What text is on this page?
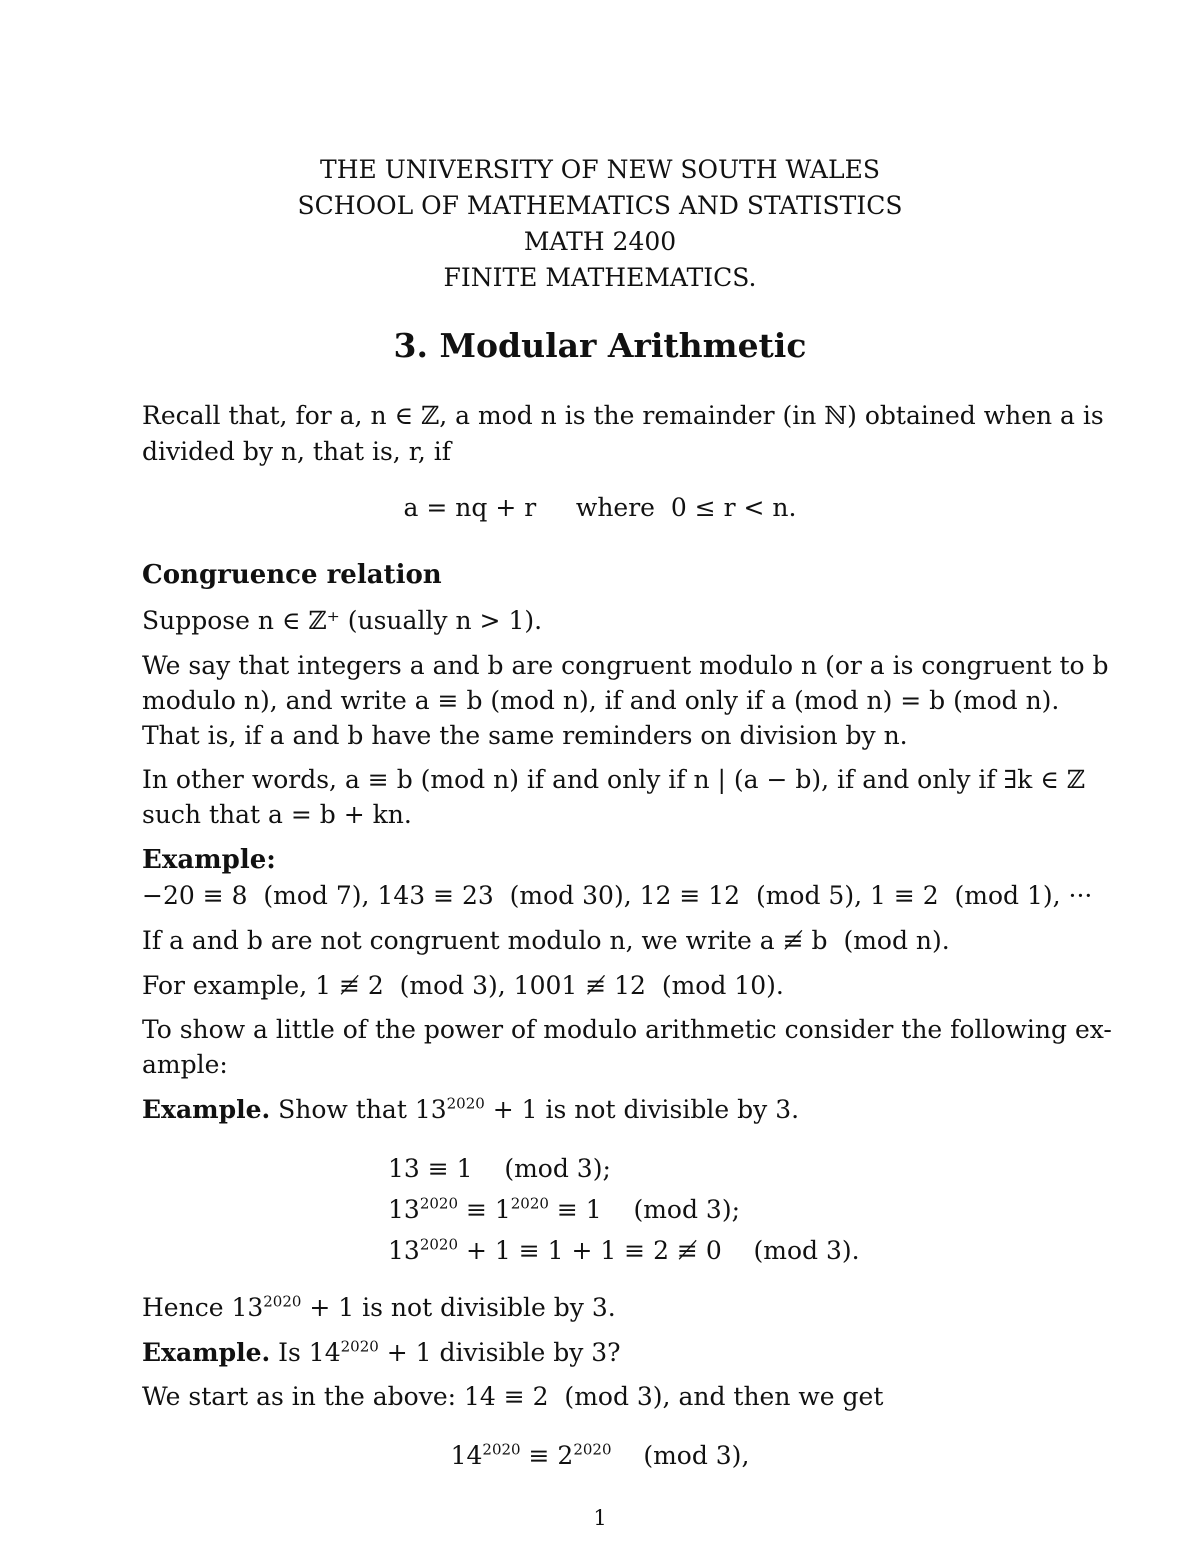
THE UNIVERSITY OF NEW SOUTH WALES
SCHOOL OF MATHEMATICS AND STATISTICS
MATH 2400
FINITE MATHEMATICS.
3. Modular Arithmetic
Recall that, for a, n ∈ ℤ, a mod n is the remainder (in ℕ) obtained when a is
divided by n, that is, r, if
a = nq + r     where  0 ≤ r < n.
Congruence relation
Suppose n ∈ ℤ⁺ (usually n > 1).
We say that integers a and b are congruent modulo n (or a is congruent to b
modulo n), and write a ≡ b (mod n), if and only if a (mod n) = b (mod n).
That is, if a and b have the same reminders on division by n.
In other words, a ≡ b (mod n) if and only if n | (a − b), if and only if ∃k ∈ ℤ
such that a = b + kn.
Example:
−20 ≡ 8  (mod 7), 143 ≡ 23  (mod 30), 12 ≡ 12  (mod 5), 1 ≡ 2  (mod 1), ···
If a and b are not congruent modulo n, we write a ≢ b  (mod n).
For example, 1 ≢ 2  (mod 3), 1001 ≢ 12  (mod 10).
To show a little of the power of modulo arithmetic consider the following ex-
ample:
Example. Show that $13^{2020} + 1$ is not divisible by 3.
13 ≡ 1    (mod 3);
$13^{2020} \equiv 1^{2020} \equiv 1$    (mod 3);
$13^{2020} + 1 \equiv 1 + 1 \equiv 2$ ≢ 0    (mod 3).
Hence $13^{2020} + 1$ is not divisible by 3.
Example. Is $14^{2020} + 1$ divisible by 3?
We start as in the above: 14 ≡ 2  (mod 3), and then we get
$14^{2020} \equiv 2^{2020}$    (mod 3),
1
